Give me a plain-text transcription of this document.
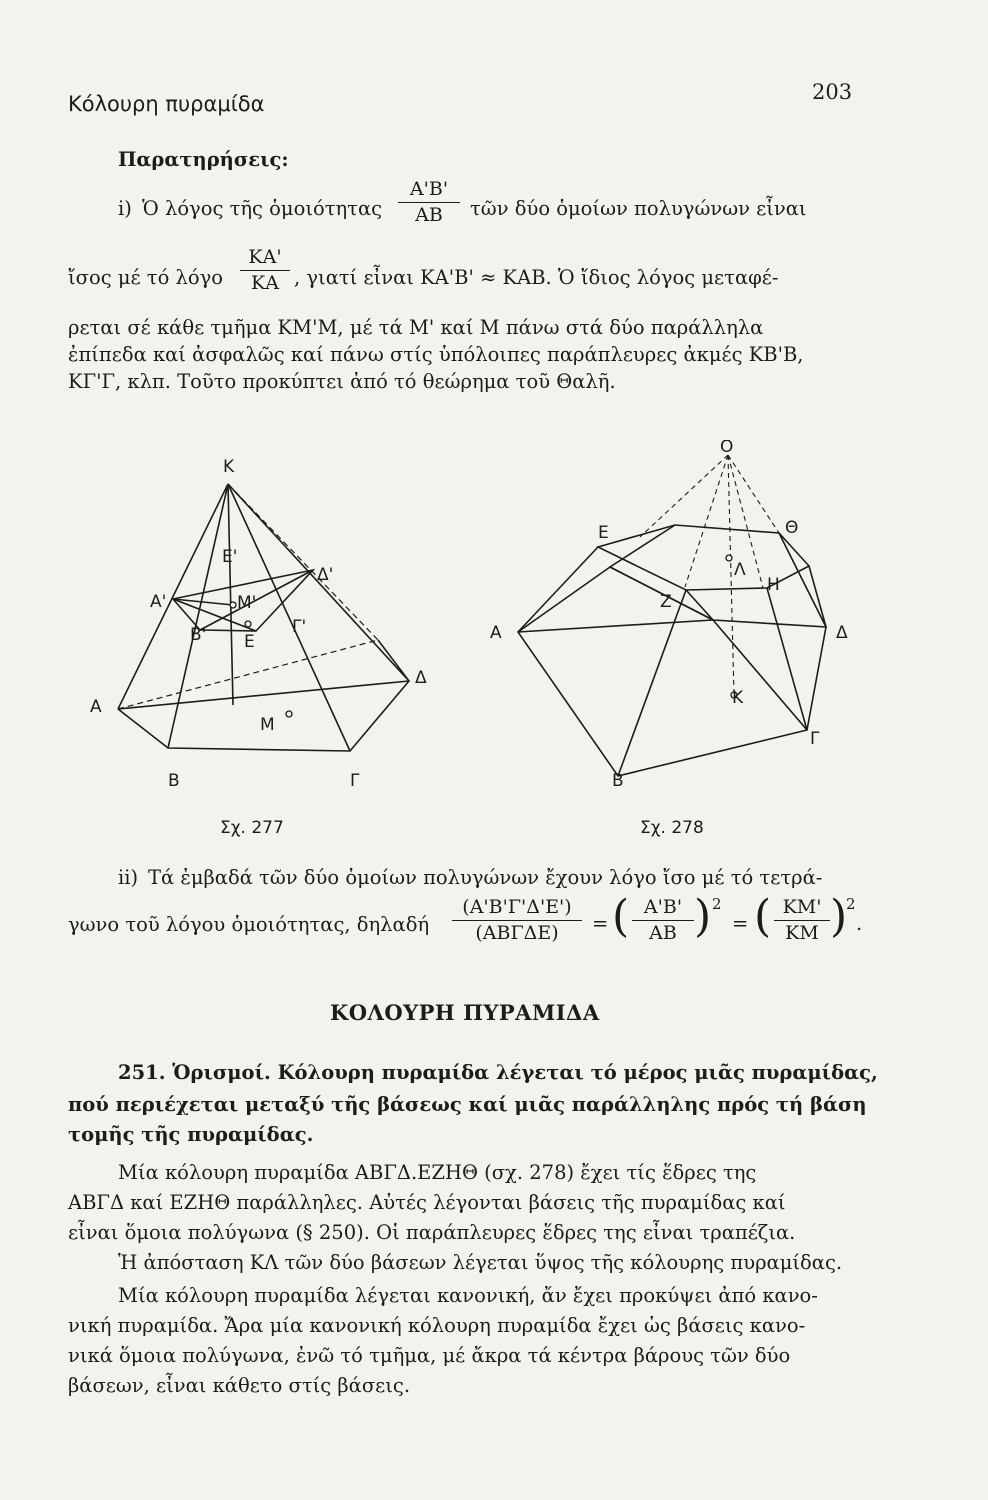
Κόλουρη πυραμίδα	203
Παρατηρήσεις:
i) Ὁ λόγος τῆς ὁμοιότητας $\frac{A'B'}{AB}$ τῶν δύο ὁμοίων πολυγώνων εἶναι
ἴσος μέ τό λόγο $\frac{KA'}{KA}$ , γιατί εἶναι ΚΑ'Β' ≈ ΚΑΒ. Ὁ ἴδιος λόγος μεταφέ-
ρεται σέ κάθε τμῆμα ΚΜ'Μ, μέ τά Μ' καί Μ πάνω στά δύο παράλληλα
ἐπίπεδα καί ἀσφαλῶς καί πάνω στίς ὑπόλοιπες παράπλευρες ἀκμές ΚΒ'Β,
ΚΓ'Γ, κλπ. Τοῦτο προκύπτει ἀπό τό θεώρημα τοῦ Θαλῆ.
Κ
Ε'
Δ'
Α'	Μ'
Β'	Γ'
Ε
Δ
Α
Μ
Β	Γ
Σχ. 277
Ο
Ε	Θ
Λ
Η
Ζ
Α	Δ
Κ
Γ
Β
Σχ. 278
ii) Τά ἐμβαδά τῶν δύο ὁμοίων πολυγώνων ἔχουν λόγο ἴσο μέ τό τετρά-
γωνο τοῦ λόγου ὁμοιότητας, δηλαδή
(Α'Β'Γ'Δ'Ε')
(ΑΒΓΔΕ)	= ( $\frac{A'B'}{AB}$ ) 2
= ( $\frac{KM'}{KM}$ )
2
.
ΚΟΛΟΥΡΗ ΠΥΡΑΜΙΔΑ
251. Ὁρισμοί. Κόλουρη πυραμίδα λέγεται τό μέρος μιᾶς πυραμίδας,
πού περιέχεται μεταξύ τῆς βάσεως καί μιᾶς παράλληλης πρός τή βάση
τομῆς τῆς πυραμίδας.
Μία κόλουρη πυραμίδα ΑΒΓΔ.ΕΖΗΘ (σχ. 278) ἔχει τίς ἕδρες της
ΑΒΓΔ καί ΕΖΗΘ παράλληλες. Αὐτές λέγονται βάσεις τῆς πυραμίδας καί
εἶναι ὅμοια πολύγωνα (§ 250). Οἱ παράπλευρες ἕδρες της εἶναι τραπέζια.
Ἡ ἀπόσταση ΚΛ τῶν δύο βάσεων λέγεται ὕψος τῆς κόλουρης πυραμίδας.
Μία κόλουρη πυραμίδα λέγεται κανονική, ἄν ἔχει προκύψει ἀπό κανο-
νική πυραμίδα. Ἄρα μία κανονική κόλουρη πυραμίδα ἔχει ὡς βάσεις κανο-
νικά ὅμοια πολύγωνα, ἐνῶ τό τμῆμα, μέ ἄκρα τά κέντρα βάρους τῶν δύο
βάσεων, εἶναι κάθετο στίς βάσεις.
